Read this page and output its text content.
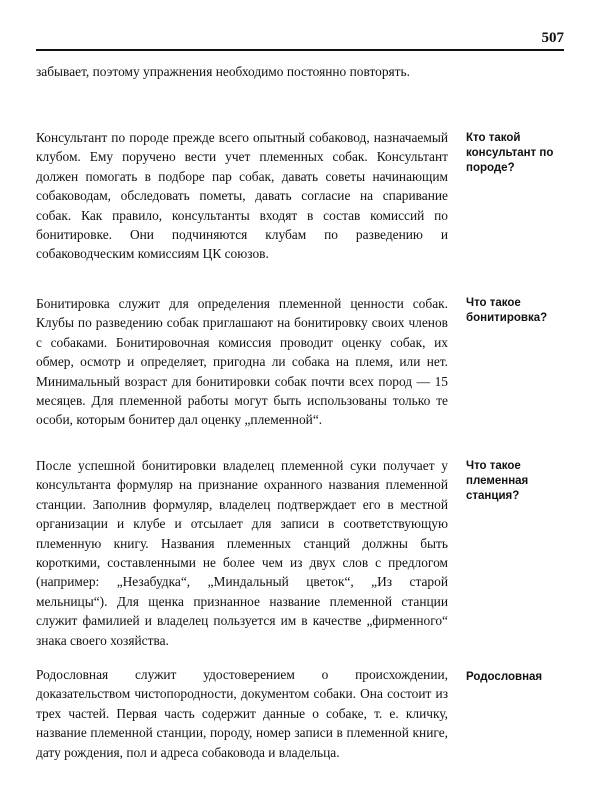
507

забывает, поэтому упражнения необходимо постоянно повторять.

Консультант по породе прежде всего опытный собаковод, назначаемый клубом. Ему поручено вести учет племенных собак. Консультант должен помогать в подборе пар собак, давать советы начинающим собаководам, обследовать пометы, давать согласие на спаривание собак. Как правило, консультанты входят в состав комиссий по бонитировке. Они подчиняются клубам по разведению и собаководческим комиссиям ЦК союзов.

Кто такой консультант по породе?

Бонитировка служит для определения племенной ценности собак. Клубы по разведению собак приглашают на бонитировку своих членов с собаками. Бонитировочная комиссия проводит оценку собак, их обмер, осмотр и определяет, пригодна ли собака на племя, или нет. Минимальный возраст для бонитировки собак почти всех пород — 15 месяцев. Для племенной работы могут быть использованы только те особи, которым бонитер дал оценку „племенной“.

Что такое бонитировка?

После успешной бонитировки владелец племенной суки получает у консультанта формуляр на признание охранного названия племенной станции. Заполнив формуляр, владелец подтверждает его в местной организации и клубе и отсылает для записи в соответствующую племенную книгу. Названия племенных станций должны быть короткими, составленными не более чем из двух слов с предлогом (например: „Незабудка“, „Миндальный цветок“, „Из старой мельницы“). Для щенка признанное название племенной станции служит фамилией и владелец пользуется им в качестве „фирменного“ знака своего хозяйства.

Что такое племенная станция?

Родословная служит удостоверением о происхождении, доказательством чистопородности, документом собаки. Она состоит из трех частей. Первая часть содержит данные о собаке, т. е. кличку, название племенной станции, породу, номер записи в племенной книге, дату рождения, пол и адреса собаковода и владельца.

Родословная
